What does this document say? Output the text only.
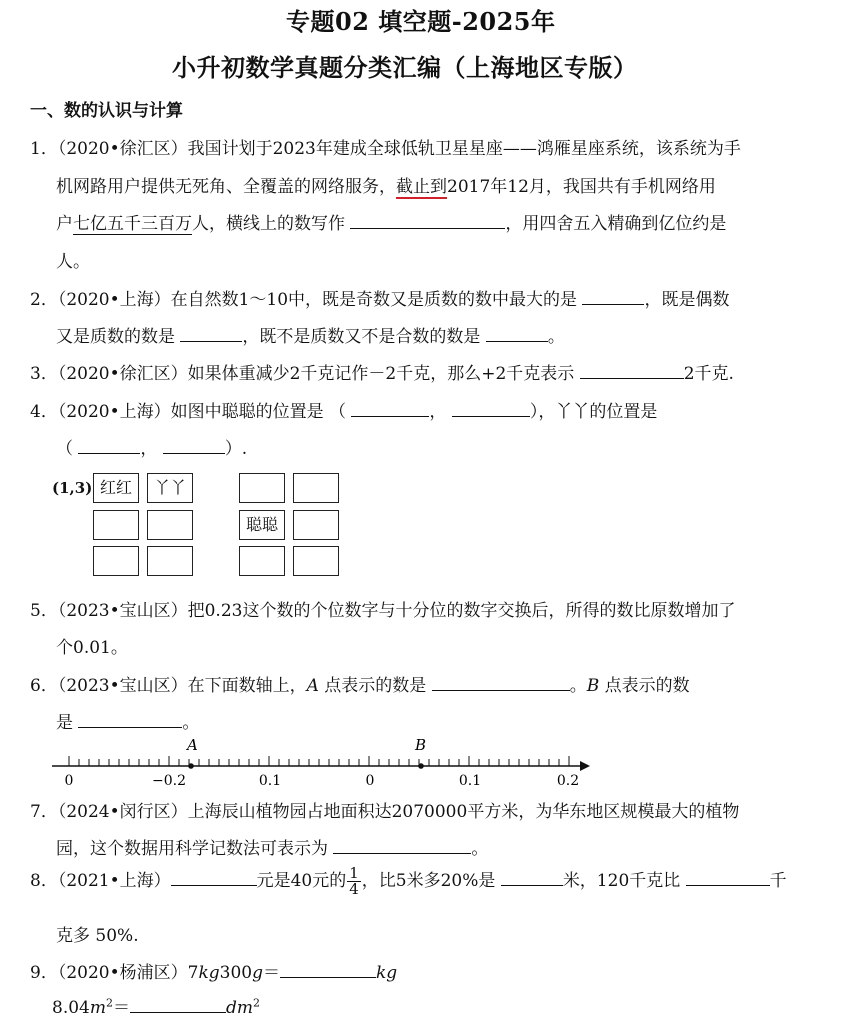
专题02 填空题-2025年
小升初数学真题分类汇编（上海地区专版）
一、数的认识与计算
1．（2020•徐汇区）我国计划于2023年建成全球低轨卫星星座——鸿雁星座系统，该系统为手
机网路用户提供无死角、全覆盖的网络服务，截止到2017年12月，我国共有手机网络用
户七亿五千三百万人，横线上的数写作	，用四舍五入精确到亿位约是
人。
2．（2020•上海）在自然数1～10中，既是奇数又是质数的数中最大的是	，既是偶数
又是质数的数是	，既不是质数又不是合数的数是	。
3．（2020•徐汇区）如果体重减少2千克记作－2千克，那么+2千克表示	2千克.
4．（2020•上海）如图中聪聪的位置是 （	，	），丫丫的位置是
（	，	）.
(1,3) 红红	丫丫
聪聪
5．（2023•宝山区）把0.23这个数的个位数字与十分位的数字交换后，所得的数比原数增加了
个0.01。
6．（2023•宝山区）在下面数轴上，A 点表示的数是	。B 点表示的数
是	。
A	B
0	−0.2	0.1	0	0.1	0.2
7．（2024•闵行区）上海辰山植物园占地面积达2070000平方米，为华东地区规模最大的植物
园，这个数据用科学记数法可表示为	。
8．（2021•上海）	元是40元的 $\frac{1}{4}$ ，比5米多20%是	米，120千克比	千
克多 50%.
9．（2020•杨浦区）7kg300g＝	kg
$8.04m^2=$	$dm^2$
